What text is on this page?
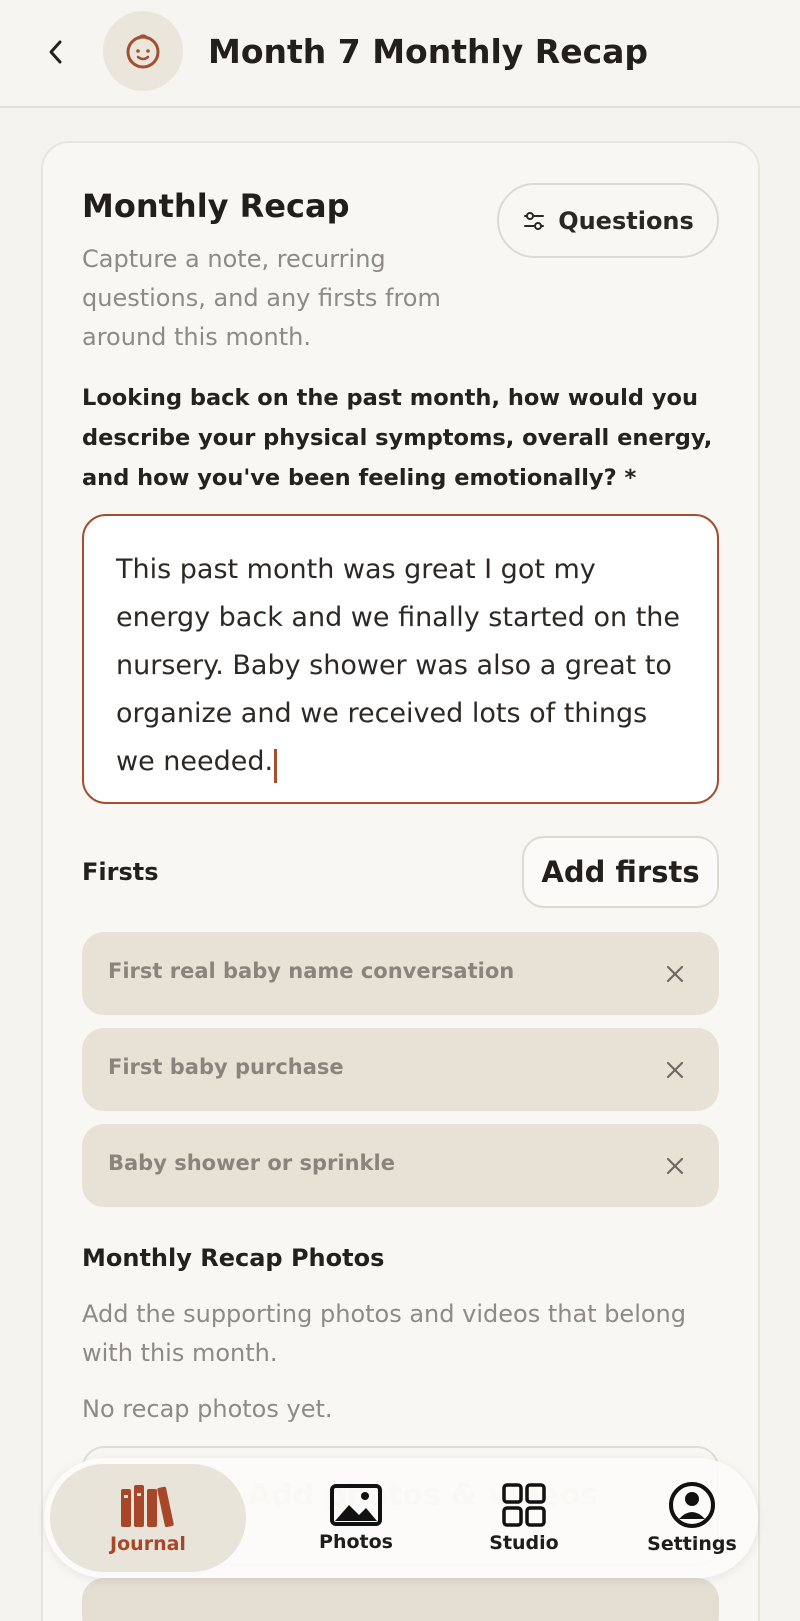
Month 7 Monthly Recap
Monthly Recap
Capture a note, recurring questions, and any firsts from around this month.
Questions
Looking back on the past month, how would you describe your physical symptoms, overall energy, and how you've been feeling emotionally? *
This past month was great I got my energy back and we finally started on the nursery. Baby shower was also a great to organize and we received lots of things we needed.
Firsts	Add firsts
First real baby name conversation
First baby purchase
Baby shower or sprinkle
Monthly Recap Photos
Add the supporting photos and videos that belong with this month.
No recap photos yet.
Journal	Photos	Studio	Settings
